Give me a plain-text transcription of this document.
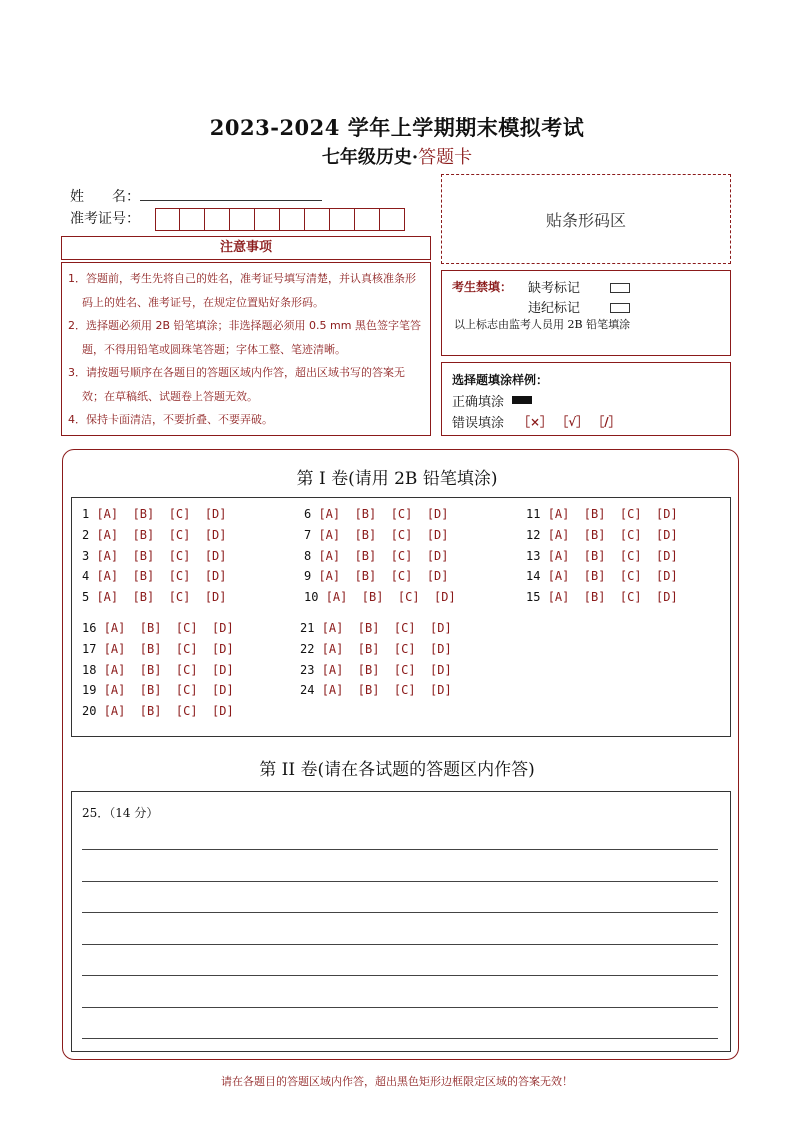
2023-2024 学年上学期期末模拟考试
七年级历史·答题卡
姓　　名：
准考证号：	贴条形码区
注意事项
1．答题前，考生先将自己的姓名，准考证号填写清楚，并认真核准条形码上的姓名、准考证号，在规定位置贴好条形码。
2．选择题必须用 2B 铅笔填涂；非选择题必须用 0.5 mm 黑色签字笔答题，不得用铅笔或圆珠笔答题；字体工整、笔迹清晰。
3．请按题号顺序在各题目的答题区域内作答，超出区域书写的答案无效；在草稿纸、试题卷上答题无效。
4．保持卡面清洁，不要折叠、不要弄破。
考生禁填： 缺考标记
违纪标记
以上标志由监考人员用 2B 铅笔填涂
选择题填涂样例：
正确填涂
错误填涂 ［×］ ［√］ ［/］
第 I 卷(请用 2B 铅笔填涂)
1 [A]  [B]  [C]  [D]
2 [A]  [B]  [C]  [D]
3 [A]  [B]  [C]  [D]
4 [A]  [B]  [C]  [D]
5 [A]  [B]  [C]  [D]
6 [A]  [B]  [C]  [D]
7 [A]  [B]  [C]  [D]
8 [A]  [B]  [C]  [D]
9 [A]  [B]  [C]  [D]
10 [A]  [B]  [C]  [D]
11 [A]  [B]  [C]  [D]
12 [A]  [B]  [C]  [D]
13 [A]  [B]  [C]  [D]
14 [A]  [B]  [C]  [D]
15 [A]  [B]  [C]  [D]
16 [A]  [B]  [C]  [D]
17 [A]  [B]  [C]  [D]
18 [A]  [B]  [C]  [D]
19 [A]  [B]  [C]  [D]
20 [A]  [B]  [C]  [D]
21 [A]  [B]  [C]  [D]
22 [A]  [B]  [C]  [D]
23 [A]  [B]  [C]  [D]
24 [A]  [B]  [C]  [D]
第 II 卷(请在各试题的答题区内作答)
25．（14 分）
请在各题目的答题区域内作答，超出黑色矩形边框限定区域的答案无效！
